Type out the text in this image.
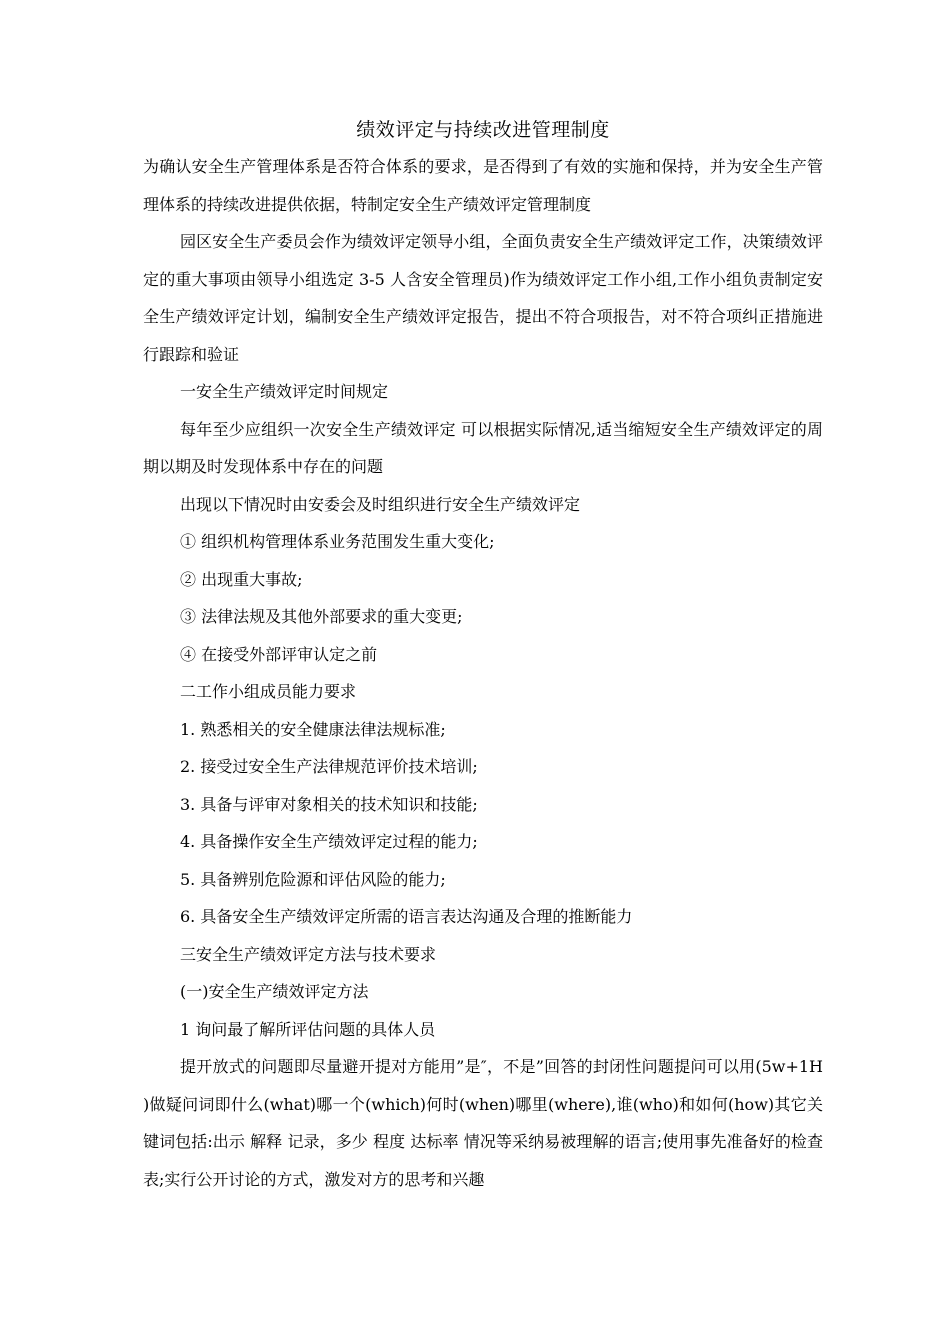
绩效评定与持续改进管理制度

为确认安全生产管理体系是否符合体系的要求，是否得到了有效的实施和保持，并为安全生产管理体系的持续改进提供依据，特制定安全生产绩效评定管理制度

园区安全生产委员会作为绩效评定领导小组，全面负责安全生产绩效评定工作，决策绩效评定的重大事项由领导小组选定 3-5 人含安全管理员)作为绩效评定工作小组,工作小组负责制定安全生产绩效评定计划，编制安全生产绩效评定报告，提出不符合项报告，对不符合项纠正措施进行跟踪和验证

一安全生产绩效评定时间规定

每年至少应组织一次安全生产绩效评定 可以根据实际情况,适当缩短安全生产绩效评定的周期以期及时发现体系中存在的问题

出现以下情况时由安委会及时组织进行安全生产绩效评定

① 组织机构管理体系业务范围发生重大变化;

② 出现重大事故;

③ 法律法规及其他外部要求的重大变更;

④ 在接受外部评审认定之前

二工作小组成员能力要求

1. 熟悉相关的安全健康法律法规标准;

2. 接受过安全生产法律规范评价技术培训;

3. 具备与评审对象相关的技术知识和技能;

4. 具备操作安全生产绩效评定过程的能力;

5. 具备辨别危险源和评估风险的能力;

6. 具备安全生产绩效评定所需的语言表达沟通及合理的推断能力

三安全生产绩效评定方法与技术要求

(一)安全生产绩效评定方法

1 询问最了解所评估问题的具体人员

提开放式的问题即尽量避开提对方能用”是″，不是”回答的封闭性问题提问可以用(5w+1H )做疑问词即什么(what)哪一个(which)何时(when)哪里(where),谁(who)和如何(how)其它关键词包括:出示 解释 记录，多少 程度 达标率 情况等采纳易被理解的语言;使用事先准备好的检查表;实行公开讨论的方式，激发对方的思考和兴趣
